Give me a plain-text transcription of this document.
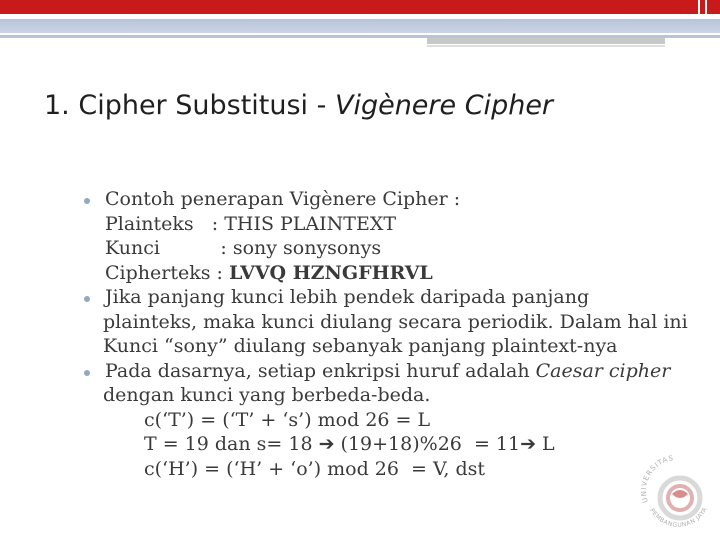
1. Cipher Substitusi - Vigènere Cipher
Contoh penerapan Vigènere Cipher :
Plainteks   : THIS PLAINTEXT
Kunci          : sony sonysonys
Cipherteks : LVVQ HZNGFHRVL
Jika panjang kunci lebih pendek daripada panjang
plainteks, maka kunci diulang secara periodik. Dalam hal ini
Kunci “sony” diulang sebanyak panjang plaintext-nya
Pada dasarnya, setiap enkripsi huruf adalah Caesar cipher
dengan kunci yang berbeda-beda.
c(‘T’) = (‘T’ + ‘s’) mod 26 = L
T = 19 dan s= 18 ➔ (19+18)%26  = 11➔ L
c(‘H’) = (‘H’ + ‘o’) mod 26  = V, dst
UNIVERSITAS
PEMBANGUNAN JAYA
